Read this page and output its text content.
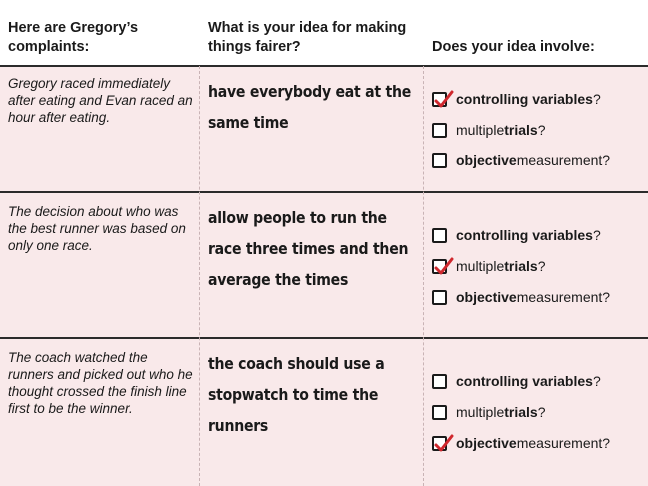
Here are Gregory’s complaints:
What is your idea for making things fairer?	Does your idea involve:
Gregory raced immediately after eating and Evan raced an hour after eating.
have everybody eat at the same time
controlling variables ?
multiple trials ?
objective measurement?
The decision about who was the best runner was based on only one race.
allow people to run the race three times and then average the times
controlling variables ?
multiple trials ?
objective measurement?
The coach watched the runners and picked out who he thought crossed the finish line first to be the winner.
the coach should use a stopwatch to time the runners
controlling variables ?
multiple trials ?
objective measurement?
